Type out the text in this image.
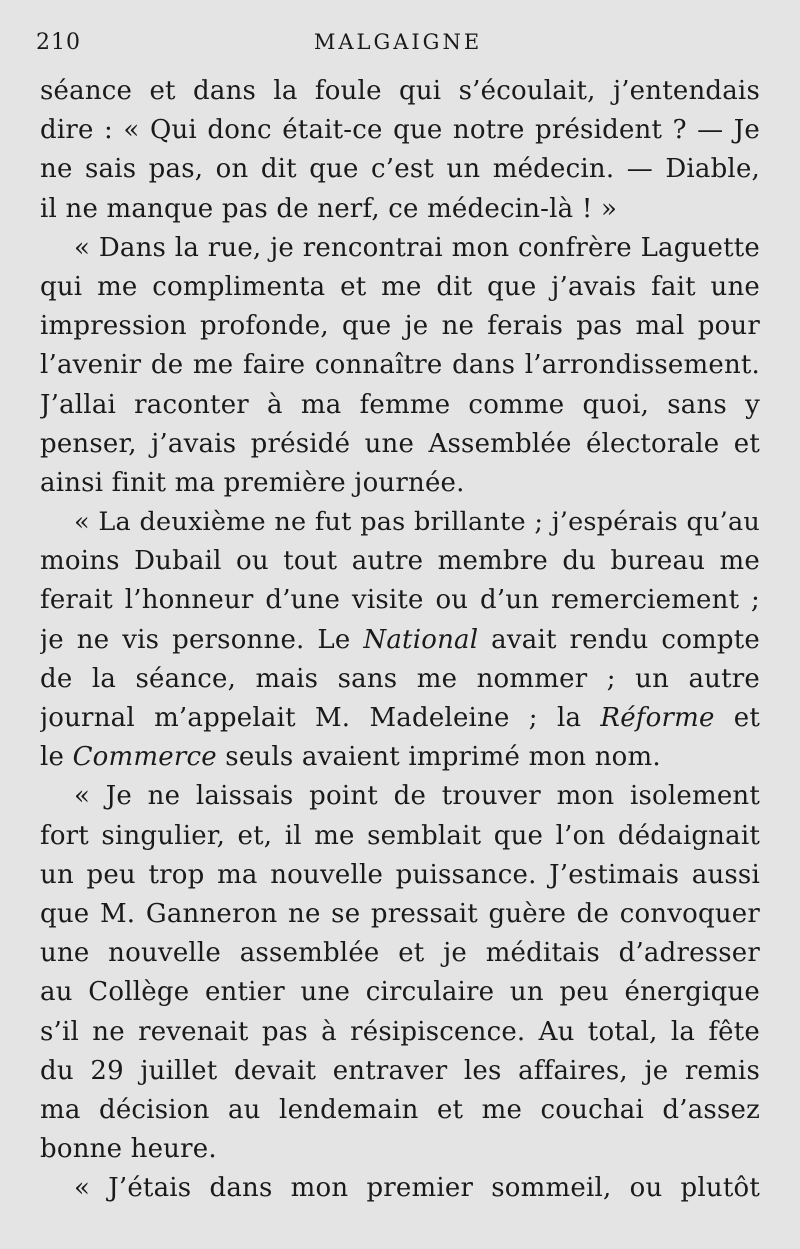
210	MALGAIGNE
séance et dans la foule qui s’écoulait, j’entendais
dire : « Qui donc était-ce que notre président ? — Je
ne sais pas, on dit que c’est un médecin. — Diable,
il ne manque pas de nerf, ce médecin-là ! »
« Dans la rue, je rencontrai mon confrère Laguette
qui me complimenta et me dit que j’avais fait une
impression profonde, que je ne ferais pas mal pour
l’avenir de me faire connaître dans l’arrondissement.
J’allai raconter à ma femme comme quoi, sans y
penser, j’avais présidé une Assemblée électorale et
ainsi finit ma première journée.
« La deuxième ne fut pas brillante ; j’espérais qu’au
moins Dubail ou tout autre membre du bureau me
ferait l’honneur d’une visite ou d’un remerciement ;
je ne vis personne. Le National avait rendu compte
de la séance, mais sans me nommer ; un autre
journal m’appelait M. Madeleine ; la Réforme et
le Commerce seuls avaient imprimé mon nom.
« Je ne laissais point de trouver mon isolement
fort singulier, et, il me semblait que l’on dédaignait
un peu trop ma nouvelle puissance. J’estimais aussi
que M. Ganneron ne se pressait guère de convoquer
une nouvelle assemblée et je méditais d’adresser
au Collège entier une circulaire un peu énergique
s’il ne revenait pas à résipiscence. Au total, la fête
du 29 juillet devait entraver les affaires, je remis
ma décision au lendemain et me couchai d’assez
bonne heure.
« J’étais dans mon premier sommeil, ou plutôt
